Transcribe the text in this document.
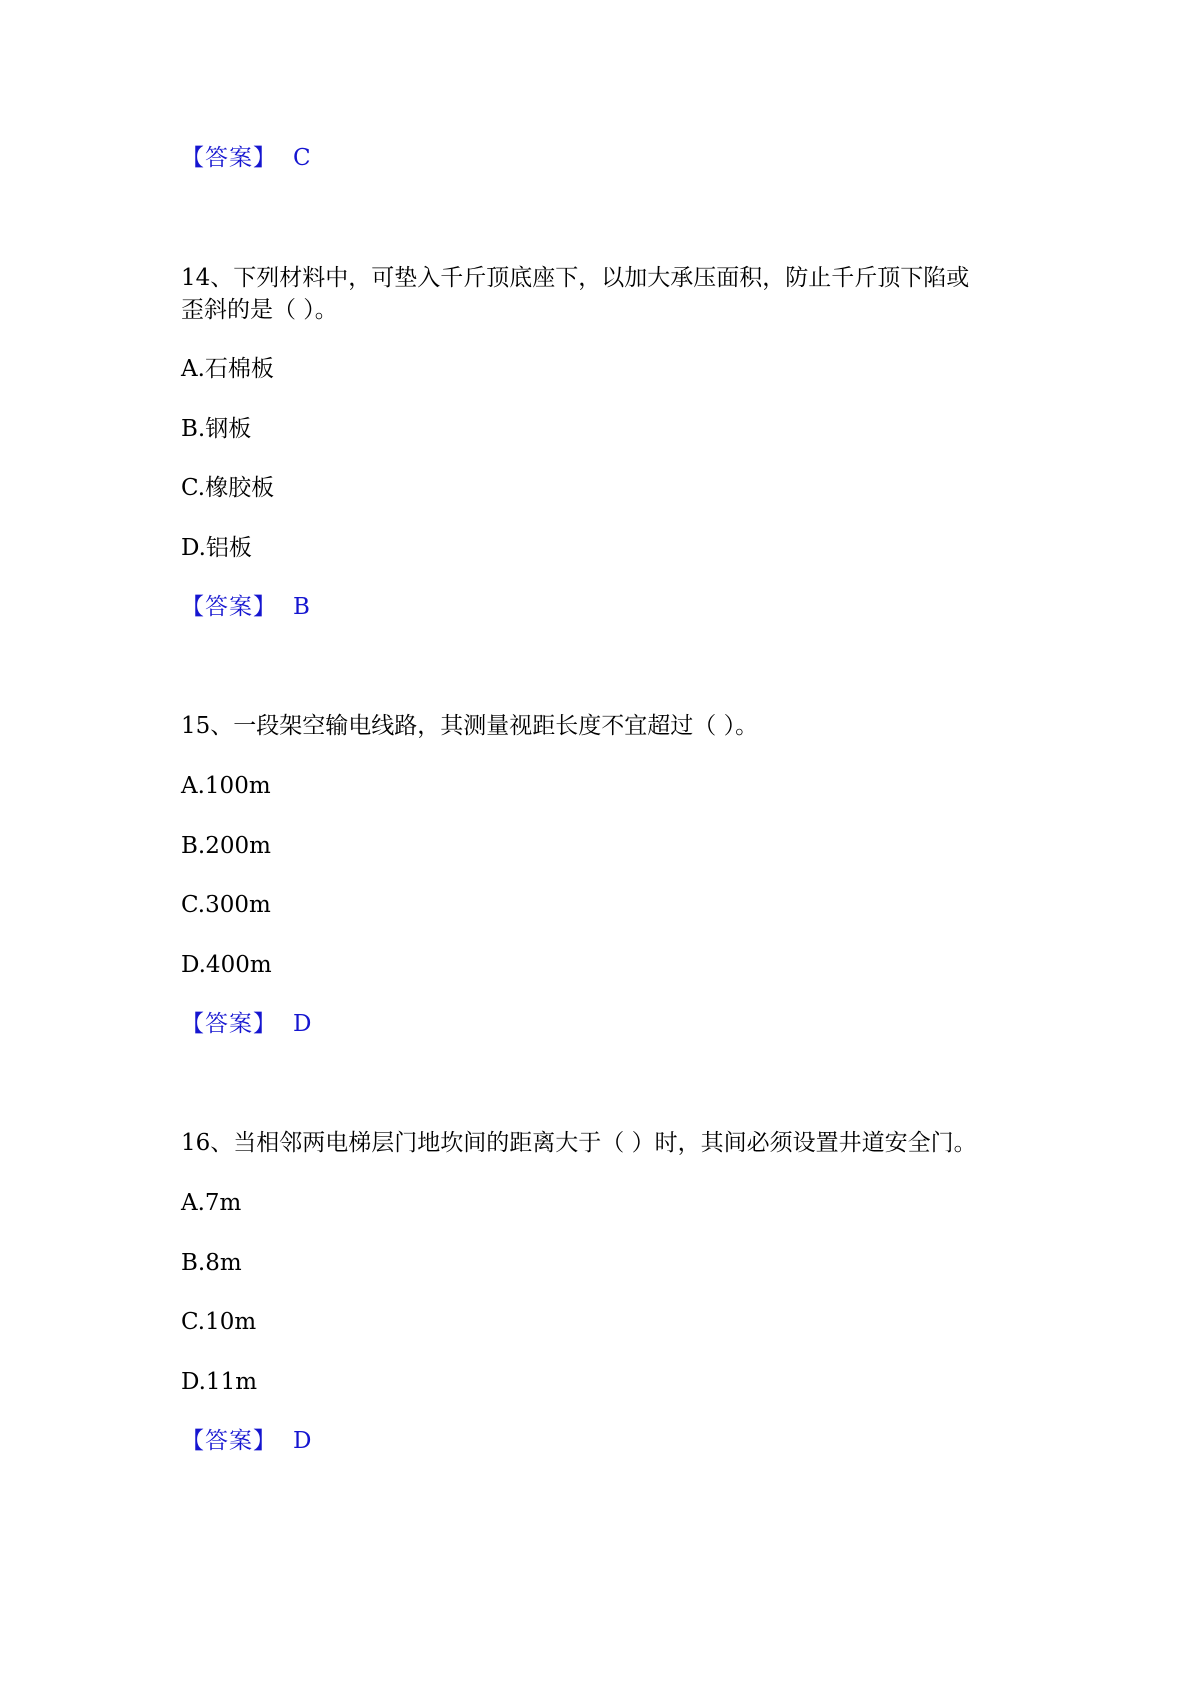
【答案】 C
14、下列材料中，可垫入千斤顶底座下，以加大承压面积，防止千斤顶下陷或
歪斜的是（ ）。
A.石棉板
B.钢板
C.橡胶板
D.铝板
【答案】 B
15、一段架空输电线路，其测量视距长度不宜超过（ ）。
A.100m
B.200m
C.300m
D.400m
【答案】 D
16、当相邻两电梯层门地坎间的距离大于（ ）时，其间必须设置井道安全门。
A.7m
B.8m
C.10m
D.11m
【答案】 D
